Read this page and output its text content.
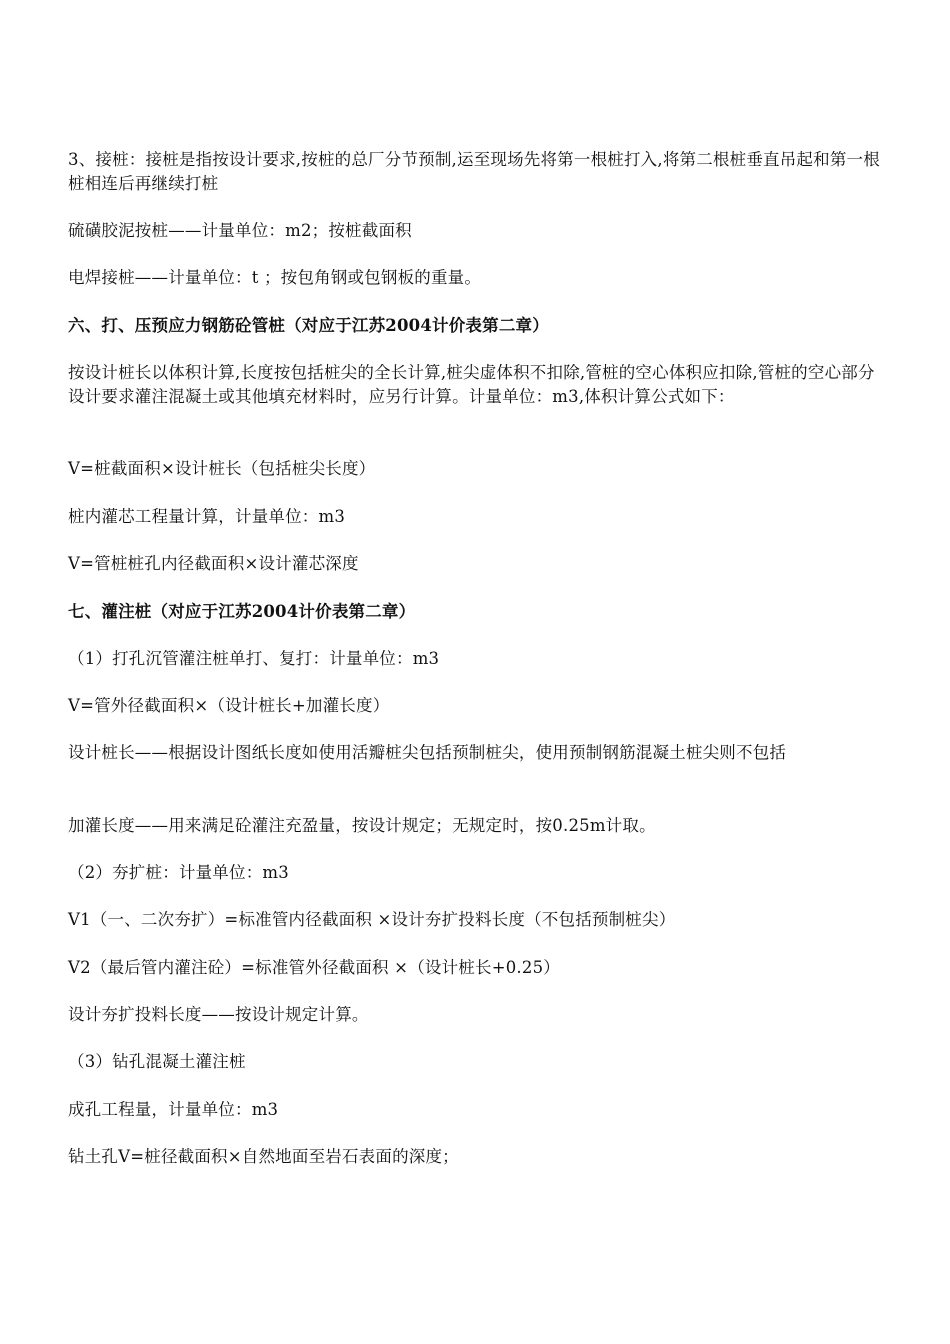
3、接桩：接桩是指按设计要求,按桩的总厂分节预制,运至现场先将第一根桩打入,将第二根桩垂直吊起和第一根桩相连后再继续打桩

硫磺胶泥按桩——计量单位：m2；按桩截面积

电焊接桩——计量单位：t ；按包角钢或包钢板的重量。

六、打、压预应力钢筋砼管桩（对应于江苏2004计价表第二章）

按设计桩长以体积计算,长度按包括桩尖的全长计算,桩尖虚体积不扣除,管桩的空心体积应扣除,管桩的空心部分设计要求灌注混凝土或其他填充材料时，应另行计算。计量单位：m3,体积计算公式如下：

V=桩截面积×设计桩长（包括桩尖长度）

桩内灌芯工程量计算，计量单位：m3

V=管桩桩孔内径截面积×设计灌芯深度

七、灌注桩（对应于江苏2004计价表第二章）

（1）打孔沉管灌注桩单打、复打：计量单位：m3

V=管外径截面积×（设计桩长+加灌长度）

设计桩长——根据设计图纸长度如使用活瓣桩尖包括预制桩尖，使用预制钢筋混凝土桩尖则不包括

加灌长度——用来满足砼灌注充盈量，按设计规定；无规定时，按0.25m计取。

（2）夯扩桩：计量单位：m3

V1（一、二次夯扩）=标准管内径截面积 ×设计夯扩投料长度（不包括预制桩尖）

V2（最后管内灌注砼）=标准管外径截面积 ×（设计桩长+0.25）

设计夯扩投料长度——按设计规定计算。

（3）钻孔混凝土灌注桩

成孔工程量，计量单位：m3

钻土孔V=桩径截面积×自然地面至岩石表面的深度；
